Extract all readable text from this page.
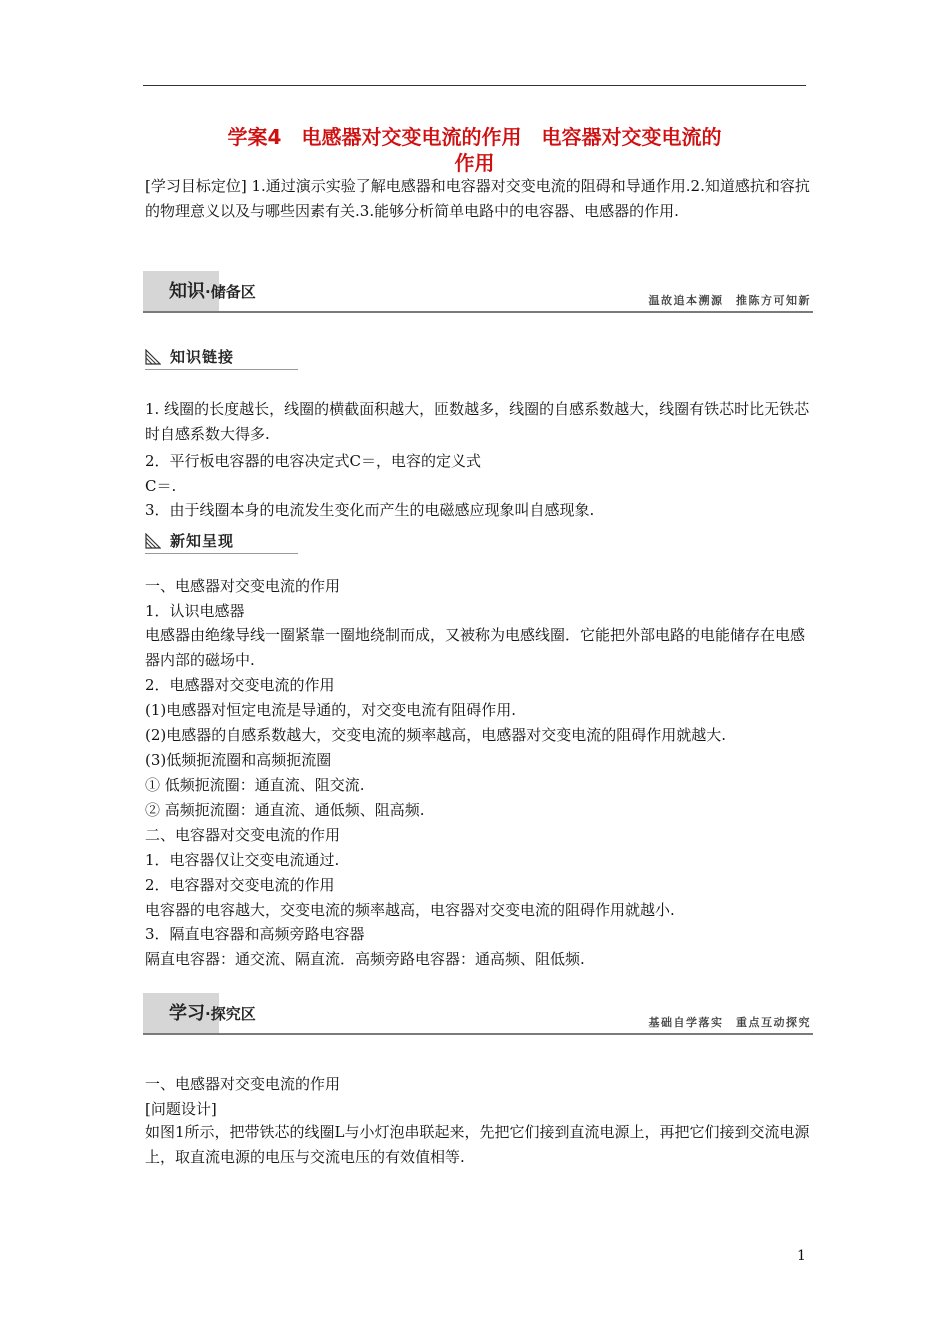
学案4　电感器对交变电流的作用　电容器对交变电流的
作用
[学习目标定位] 1.通过演示实验了解电感器和电容器对交变电流的阻碍和导通作用.2.知道感抗和容抗的物理意义以及与哪些因素有关.3.能够分析简单电路中的电容器、电感器的作用.
知识·储备区	温故追本溯源　推陈方可知新
知识链接
1. 线圈的长度越长，线圈的横截面积越大，匝数越多，线圈的自感系数越大，线圈有铁芯时比无铁芯时自感系数大得多.
2．平行板电容器的电容决定式C＝，电容的定义式
C＝.
3．由于线圈本身的电流发生变化而产生的电磁感应现象叫自感现象.
新知呈现
一、电感器对交变电流的作用
1．认识电感器
电感器由绝缘导线一圈紧靠一圈地绕制而成，又被称为电感线圈．它能把外部电路的电能储存在电感器内部的磁场中.
2．电感器对交变电流的作用
(1)电感器对恒定电流是导通的，对交变电流有阻碍作用.
(2)电感器的自感系数越大，交变电流的频率越高，电感器对交变电流的阻碍作用就越大.
(3)低频扼流圈和高频扼流圈
① 低频扼流圈：通直流、阻交流.
② 高频扼流圈：通直流、通低频、阻高频.
二、电容器对交变电流的作用
1．电容器仅让交变电流通过.
2．电容器对交变电流的作用
电容器的电容越大，交变电流的频率越高，电容器对交变电流的阻碍作用就越小.
3．隔直电容器和高频旁路电容器
隔直电容器：通交流、隔直流．高频旁路电容器：通高频、阻低频.
学习·探究区	基础自学落实　重点互动探究
一、电感器对交变电流的作用
[问题设计]
如图1所示，把带铁芯的线圈L与小灯泡串联起来，先把它们接到直流电源上，再把它们接到交流电源上，取直流电源的电压与交流电压的有效值相等.
1
